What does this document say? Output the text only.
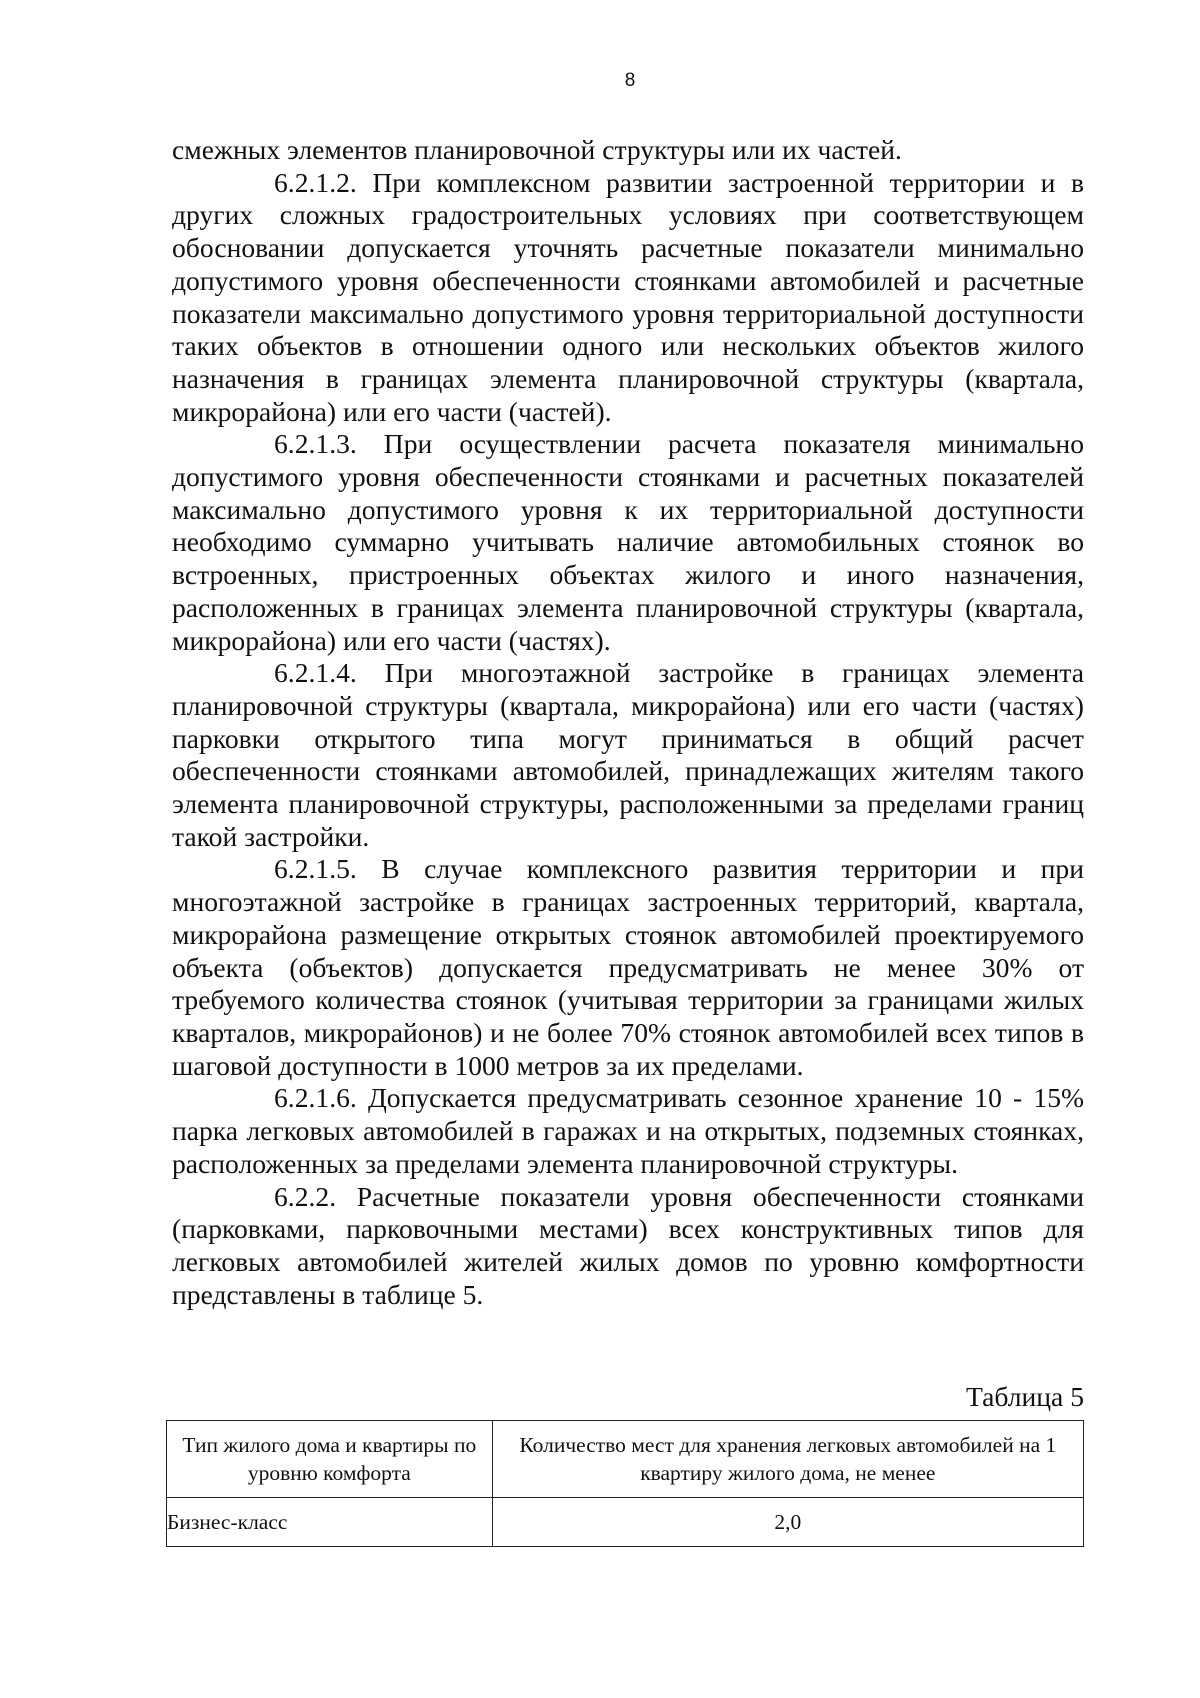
8

смежных элементов планировочной структуры или их частей.

6.2.1.2. При комплексном развитии застроенной территории и в других сложных градостроительных условиях при соответствующем обосновании допускается уточнять расчетные показатели минимально допустимого уровня обеспеченности стоянками автомобилей и расчетные показатели максимально допустимого уровня территориальной доступности таких объектов в отношении одного или нескольких объектов жилого назначения в границах элемента планировочной структуры (квартала, микрорайона) или его части (частей).

6.2.1.3. При осуществлении расчета показателя минимально допустимого уровня обеспеченности стоянками и расчетных показателей максимально допустимого уровня к их территориальной доступности необходимо суммарно учитывать наличие автомобильных стоянок во встроенных, пристроенных объектах жилого и иного назначения, расположенных в границах элемента планировочной структуры (квартала, микрорайона) или его части (частях).

6.2.1.4. При многоэтажной застройке в границах элемента планировочной структуры (квартала, микрорайона) или его части (частях) парковки открытого типа могут приниматься в общий расчет обеспеченности стоянками автомобилей, принадлежащих жителям такого элемента планировочной структуры, расположенными за пределами границ такой застройки.

6.2.1.5. В случае комплексного развития территории и при многоэтажной застройке в границах застроенных территорий, квартала, микрорайона размещение открытых стоянок автомобилей проектируемого объекта (объектов) допускается предусматривать не менее 30% от требуемого количества стоянок (учитывая территории за границами жилых кварталов, микрорайонов) и не более 70% стоянок автомобилей всех типов в шаговой доступности в 1000 метров за их пределами.

6.2.1.6. Допускается предусматривать сезонное хранение 10 - 15% парка легковых автомобилей в гаражах и на открытых, подземных стоянках, расположенных за пределами элемента планировочной структуры.

6.2.2. Расчетные показатели уровня обеспеченности стоянками (парковками, парковочными местами) всех конструктивных типов для легковых автомобилей жителей жилых домов по уровню комфортности представлены в таблице 5.

Таблица 5
Тип жилого дома и квартиры по уровню комфорта	Количество мест для хранения легковых автомобилей на 1 квартиру жилого дома, не менее
Бизнес-класс	2,0
